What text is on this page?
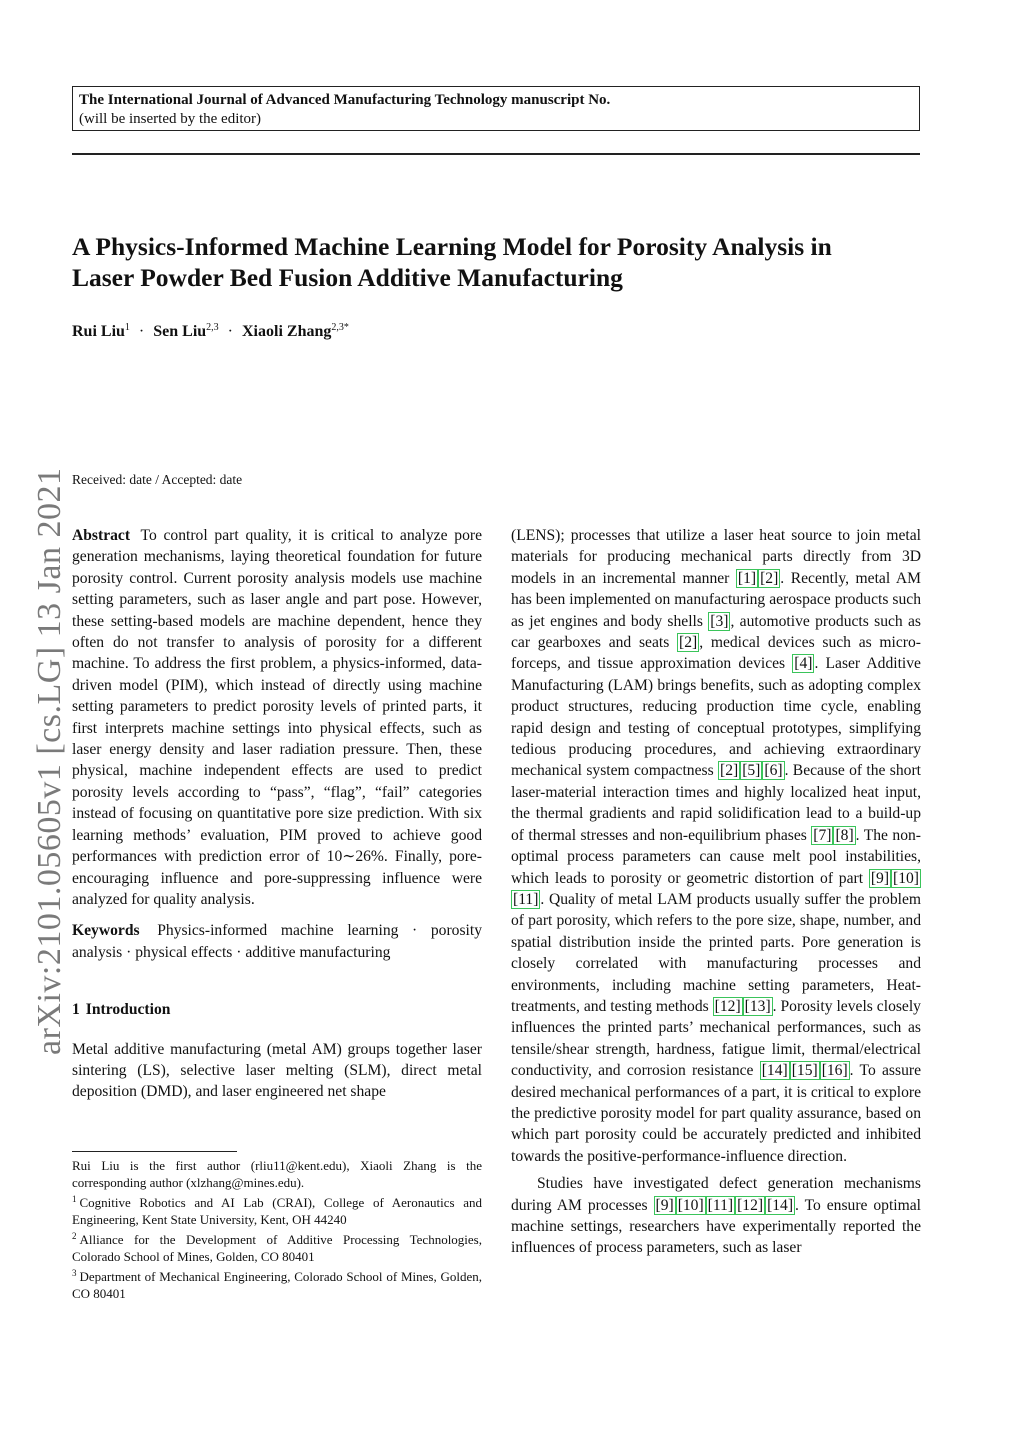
The International Journal of Advanced Manufacturing Technology manuscript No.
(will be inserted by the editor)
A Physics-Informed Machine Learning Model for Porosity Analysis in
Laser Powder Bed Fusion Additive Manufacturing
Rui Liu$^1$ · Sen Liu$^{2,3}$ · Xiaoli Zhang$^{2,3*}$
Received: date / Accepted: date
arXiv:2101.05605v1 [cs.LG] 13 Jan 2021 Abstract To control part quality, it is critical to analyze pore generation mechanisms, laying theoretical foundation for future porosity control. Current porosity analysis models use machine setting parameters, such as laser angle and part pose. However, these setting-based models are machine dependent, hence they often do not transfer to analysis of porosity for a different machine. To address the first problem, a physics-informed, data-driven model (PIM), which instead of directly using machine setting parameters to predict porosity levels of printed parts, it first interprets machine settings into physical effects, such as laser energy density and laser radiation pressure. Then, these physical, machine independent effects are used to predict porosity levels according to “pass”, “flag”, “fail” categories instead of focusing on quantitative pore size prediction. With six learning methods’ evaluation, PIM proved to achieve good performances with prediction error of 10∼26%. Finally, pore-encouraging influence and pore-suppressing influence were analyzed for quality analysis.

Keywords Physics-informed machine learning · porosity analysis · physical effects · additive manufacturing

1 Introduction

Metal additive manufacturing (metal AM) groups together laser sintering (LS), selective laser melting (SLM), direct metal deposition (DMD), and laser engineered net shape

Rui Liu is the first author (rliu11@kent.edu), Xiaoli Zhang is the corresponding author (xlzhang@mines.edu).

$^1$ Cognitive Robotics and AI Lab (CRAI), College of Aeronautics and Engineering, Kent State University, Kent, OH 44240

$^2$ Alliance for the Development of Additive Processing Technologies, Colorado School of Mines, Golden, CO 80401

$^3$ Department of Mechanical Engineering, Colorado School of Mines, Golden, CO 80401

(LENS); processes that utilize a laser heat source to join metal materials for producing mechanical parts directly from 3D models in an incremental manner [1] [2] . Recently, metal AM has been implemented on manufacturing aerospace products such as jet engines and body shells [3] , automotive products such as car gearboxes and seats [2] , medical devices such as micro-forceps, and tissue approximation devices [4] . Laser Additive Manufacturing (LAM) brings benefits, such as adopting complex product structures, reducing production time cycle, enabling rapid design and testing of conceptual prototypes, simplifying tedious producing procedures, and achieving extraordinary mechanical system compactness [2] [5] [6] . Because of the short laser-material interaction times and highly localized heat input, the thermal gradients and rapid solidification lead to a build-up of thermal stresses and non-equilibrium phases [7] [8] . The non-optimal process parameters can cause melt pool instabilities, which leads to porosity or geometric distortion of part [9] [10][11] . Quality of metal LAM products usually suffer the problem of part porosity, which refers to the pore size, shape, number, and spatial distribution inside the printed parts. Pore generation is closely correlated with manufacturing processes and environments, including machine setting parameters, Heat-treatments, and testing methods [12] [13] . Porosity levels closely influences the printed parts’ mechanical performances, such as tensile/shear strength, hardness, fatigue limit, thermal/electrical conductivity, and corrosion resistance [14] [15] [16] . To assure desired mechanical performances of a part, it is critical to explore the predictive porosity model for part quality assurance, based on which part porosity could be accurately predicted and inhibited towards the positive-performance-influence direction.

Studies have investigated defect generation mechanisms during AM processes [9] [10] [11] [12] [14] . To ensure optimal machine settings, researchers have experimentally reported the influences of process parameters, such as laser
